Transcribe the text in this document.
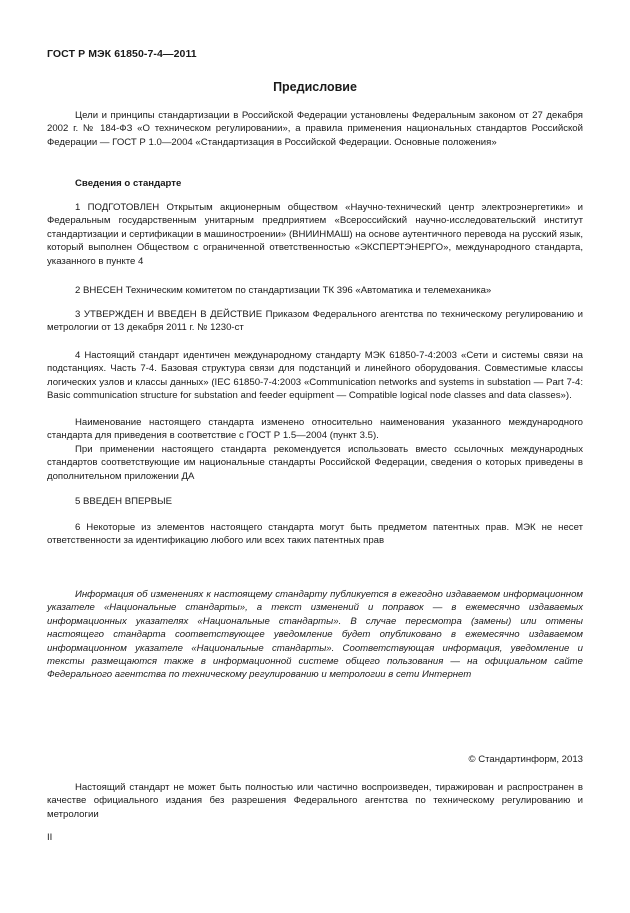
ГОСТ Р МЭК 61850-7-4—2011
Предисловие

Цели и принципы стандартизации в Российской Федерации установлены Федеральным законом от 27 декабря 2002 г. № 184-ФЗ «О техническом регулировании», а правила применения национальных стандартов Российской Федерации — ГОСТ Р 1.0—2004 «Стандартизация в Российской Федерации. Основные положения»

Сведения о стандарте

1 ПОДГОТОВЛЕН Открытым акционерным обществом «Научно-технический центр электроэнергетики» и Федеральным государственным унитарным предприятием «Всероссийский научно-исследовательский институт стандартизации и сертификации в машиностроении» (ВНИИНМАШ) на основе аутентичного перевода на русский язык, который выполнен Обществом с ограниченной ответственностью «ЭКСПЕРТЭНЕРГО», международного стандарта, указанного в пункте 4

2 ВНЕСЕН Техническим комитетом по стандартизации ТК 396 «Автоматика и телемеханика»

3 УТВЕРЖДЕН И ВВЕДЕН В ДЕЙСТВИЕ Приказом Федерального агентства по техническому регулированию и метрологии от 13 декабря 2011 г. № 1230-ст

4 Настоящий стандарт идентичен международному стандарту МЭК 61850-7-4:2003 «Сети и системы связи на подстанциях. Часть 7-4. Базовая структура связи для подстанций и линейного оборудования. Совместимые классы логических узлов и классы данных» (IEC 61850-7-4:2003 «Communication networks and systems in substation — Part 7-4: Basic communication structure for substation and feeder equipment — Compatible logical node classes and data classes»).

Наименование настоящего стандарта изменено относительно наименования указанного международного стандарта для приведения в соответствие с ГОСТ Р 1.5—2004 (пункт 3.5).

При применении настоящего стандарта рекомендуется использовать вместо ссылочных международных стандартов соответствующие им национальные стандарты Российской Федерации, сведения о которых приведены в дополнительном приложении ДА

5 ВВЕДЕН ВПЕРВЫЕ

6 Некоторые из элементов настоящего стандарта могут быть предметом патентных прав. МЭК не несет ответственности за идентификацию любого или всех таких патентных прав

Информация об изменениях к настоящему стандарту публикуется в ежегодно издаваемом информационном указателе «Национальные стандарты», а текст изменений и поправок — в ежемесячно издаваемых информационных указателях «Национальные стандарты». В случае пересмотра (замены) или отмены настоящего стандарта соответствующее уведомление будет опубликовано в ежемесячно издаваемом информационном указателе «Национальные стандарты». Соответствующая информация, уведомление и тексты размещаются также в информационной системе общего пользования — на официальном сайте Федерального агентства по техническому регулированию и метрологии в сети Интернет

© Стандартинформ, 2013

Настоящий стандарт не может быть полностью или частично воспроизведен, тиражирован и распространен в качестве официального издания без разрешения Федерального агентства по техническому регулированию и метрологии

II
